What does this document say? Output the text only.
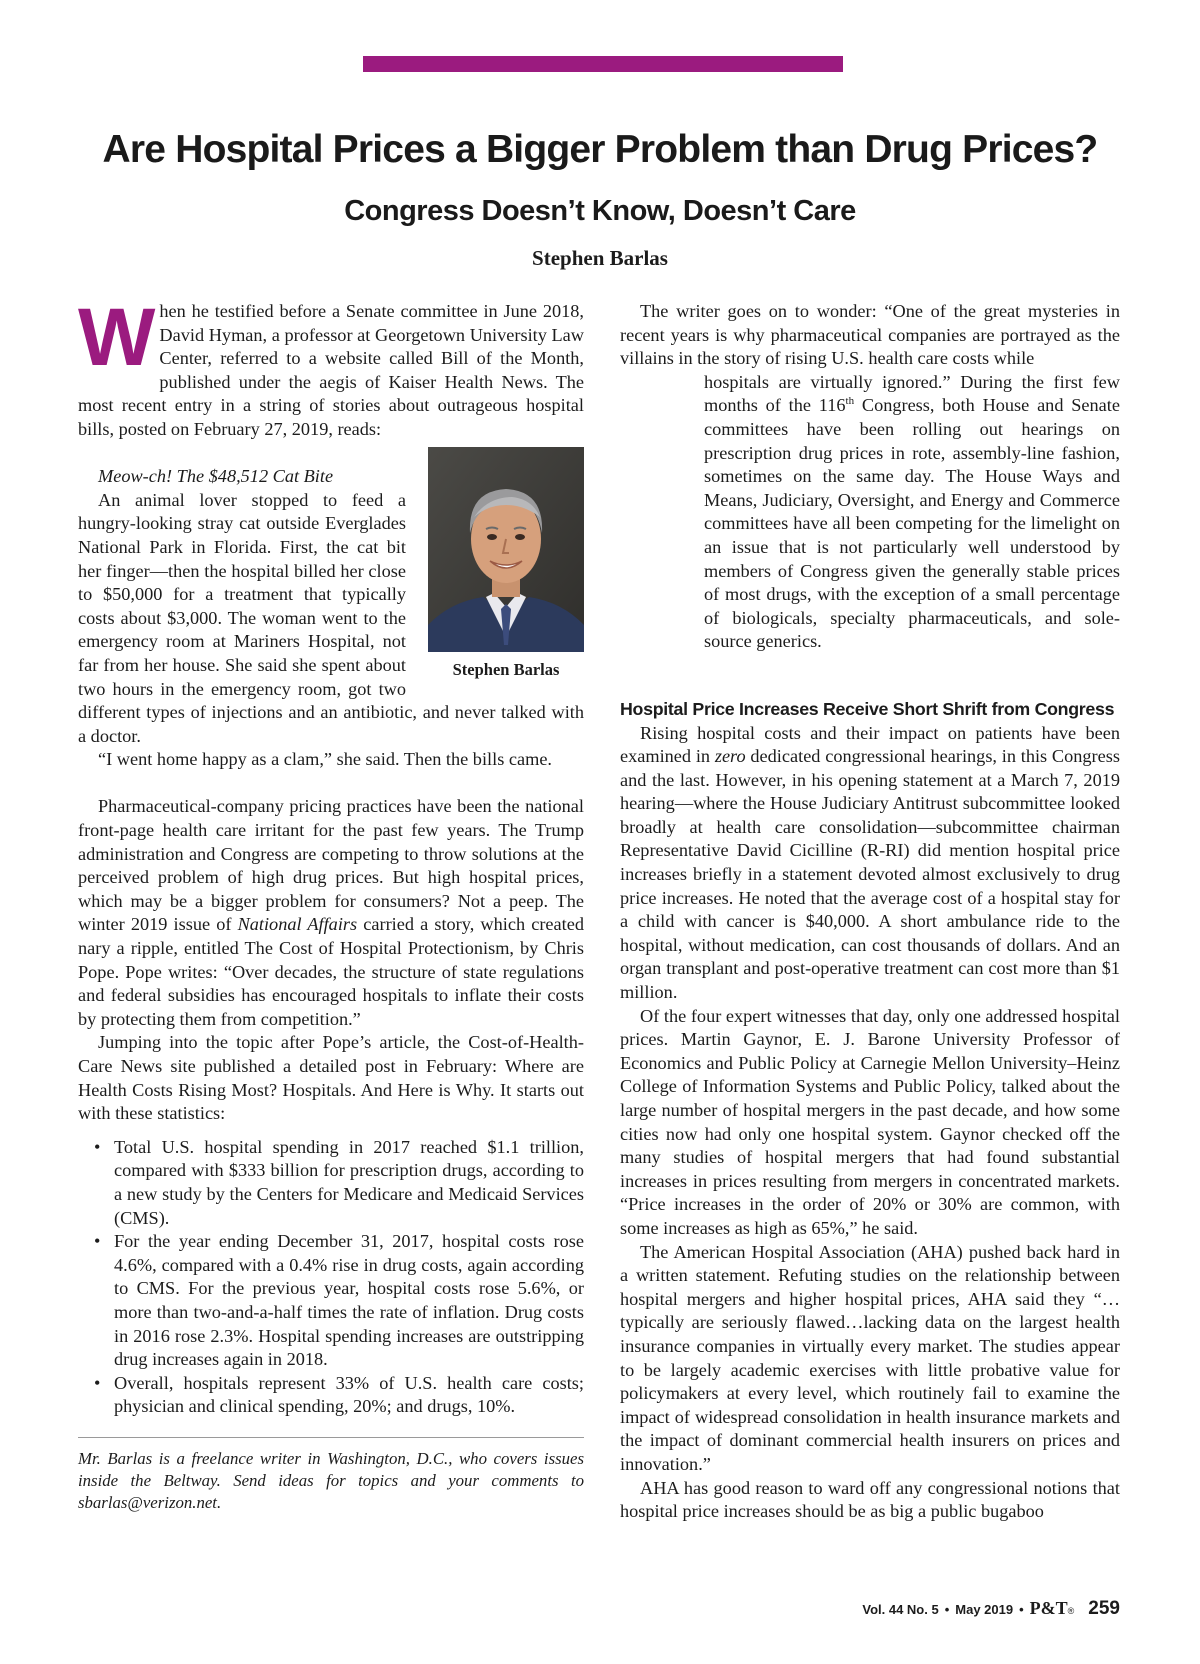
Are Hospital Prices a Bigger Problem than Drug Prices?
Congress Doesn’t Know, Doesn’t Care
Stephen Barlas

When he testified before a Senate committee in June 2018, David Hyman, a professor at Georgetown University Law Center, referred to a website called Bill of the Month, published under the aegis of Kaiser Health News. The most recent entry in a string of stories about outrageous hospital bills, posted on February 27, 2019, reads:

Stephen Barlas

Meow-ch! The $48,512 Cat Bite

An animal lover stopped to feed a hungry-looking stray cat outside Everglades National Park in Florida. First, the cat bit her finger—then the hospital billed her close to $50,000 for a treatment that typically costs about $3,000. The woman went to the emergency room at Mariners Hospital, not far from her house. She said she spent about two hours in the emergency room, got two different types of injections and an antibiotic, and never talked with a doctor.

“I went home happy as a clam,” she said. Then the bills came.

Pharmaceutical-company pricing practices have been the national front-page health care irritant for the past few years. The Trump administration and Congress are competing to throw solutions at the perceived problem of high drug prices. But high hospital prices, which may be a bigger problem for consumers? Not a peep. The winter 2019 issue of National Affairs carried a story, which created nary a ripple, entitled The Cost of Hospital Protectionism, by Chris Pope. Pope writes: “Over decades, the structure of state regulations and federal subsidies has encouraged hospitals to inflate their costs by protecting them from competition.”

Jumping into the topic after Pope’s article, the Cost-of-Health-Care News site published a detailed post in February: Where are Health Costs Rising Most? Hospitals. And Here is Why. It starts out with these statistics:

• Total U.S. hospital spending in 2017 reached $1.1 trillion, compared with $333 billion for prescription drugs, according to a new study by the Centers for Medicare and Medicaid Services (CMS).
• For the year ending December 31, 2017, hospital costs rose 4.6%, compared with a 0.4% rise in drug costs, again according to CMS. For the previous year, hospital costs rose 5.6%, or more than two-and-a-half times the rate of inflation. Drug costs in 2016 rose 2.3%. Hospital spending increases are outstripping drug increases again in 2018.
• Overall, hospitals represent 33% of U.S. health care costs; physician and clinical spending, 20%; and drugs, 10%.

Mr. Barlas is a freelance writer in Washington, D.C., who covers issues inside the Beltway. Send ideas for topics and your comments to sbarlas@verizon.net.

The writer goes on to wonder: “One of the great mysteries in recent years is why pharmaceutical companies are portrayed as the villains in the story of rising U.S. health care costs while

hospitals are virtually ignored.” During the first few months of the 116th Congress, both House and Senate committees have been rolling out hearings on prescription drug prices in rote, assembly-line fashion, sometimes on the same day. The House Ways and Means, Judiciary, Oversight, and Energy and Commerce committees have all been competing for the limelight on an issue that is not particularly well understood by members of Congress given the generally stable prices of most drugs, with the exception of a small percentage of biologicals, specialty pharmaceuticals, and sole-source generics.

Hospital Price Increases Receive Short Shrift from Congress

Rising hospital costs and their impact on patients have been examined in zero dedicated congressional hearings, in this Congress and the last. However, in his opening statement at a March 7, 2019 hearing—where the House Judiciary Antitrust subcommittee looked broadly at health care consolidation—subcommittee chairman Representative David Cicilline (R-RI) did mention hospital price increases briefly in a statement devoted almost exclusively to drug price increases. He noted that the average cost of a hospital stay for a child with cancer is $40,000. A short ambulance ride to the hospital, without medication, can cost thousands of dollars. And an organ transplant and post-operative treatment can cost more than $1 million.

Of the four expert witnesses that day, only one addressed hospital prices. Martin Gaynor, E. J. Barone University Professor of Economics and Public Policy at Carnegie Mellon University–Heinz College of Information Systems and Public Policy, talked about the large number of hospital mergers in the past decade, and how some cities now had only one hospital system. Gaynor checked off the many studies of hospital mergers that had found substantial increases in prices resulting from mergers in concentrated markets. “Price increases in the order of 20% or 30% are common, with some increases as high as 65%,” he said.

The American Hospital Association (AHA) pushed back hard in a written statement. Refuting studies on the relationship between hospital mergers and higher hospital prices, AHA said they “…typically are seriously flawed…lacking data on the largest health insurance companies in virtually every market. The studies appear to be largely academic exercises with little probative value for policymakers at every level, which routinely fail to examine the impact of widespread consolidation in health insurance markets and the impact of dominant commercial health insurers on prices and innovation.”

AHA has good reason to ward off any congressional notions that hospital price increases should be as big a public bugaboo

Vol. 44 No. 5 • May 2019 • P&T® 259
